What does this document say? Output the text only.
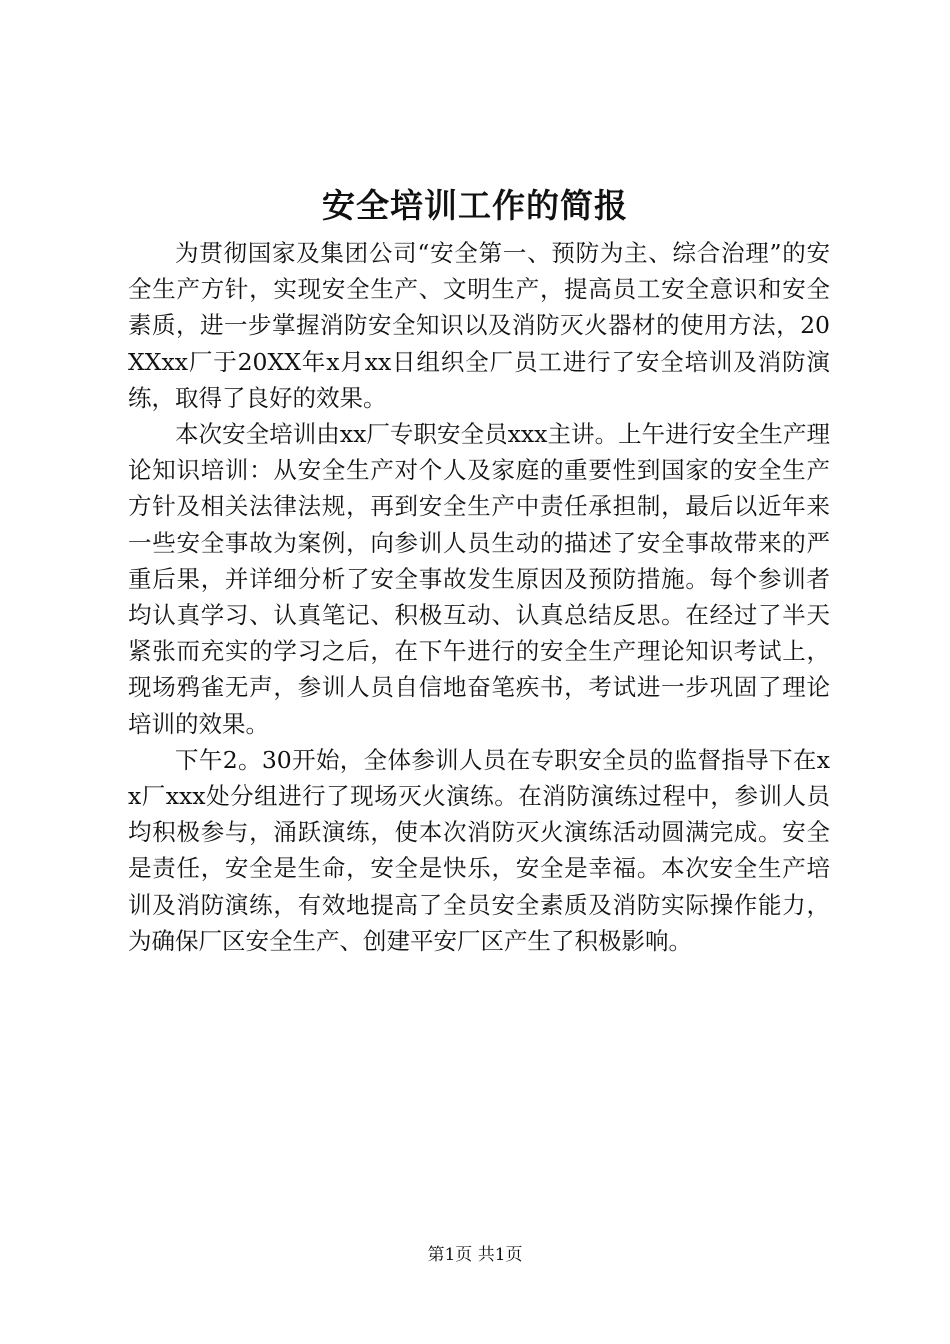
安全培训工作的简报

为贯彻国家及集团公司“安全第一、预防为主、综合治理”的安全生产方针，实现安全生产、文明生产，提高员工安全意识和安全素质，进一步掌握消防安全知识以及消防灭火器材的使用方法，20XXxx厂于20XX年x月xx日组织全厂员工进行了安全培训及消防演练，取得了良好的效果。

本次安全培训由xx厂专职安全员xxx主讲。上午进行安全生产理论知识培训：从安全生产对个人及家庭的重要性到国家的安全生产方针及相关法律法规，再到安全生产中责任承担制，最后以近年来一些安全事故为案例，向参训人员生动的描述了安全事故带来的严重后果，并详细分析了安全事故发生原因及预防措施。每个参训者均认真学习、认真笔记、积极互动、认真总结反思。在经过了半天紧张而充实的学习之后，在下午进行的安全生产理论知识考试上，现场鸦雀无声，参训人员自信地奋笔疾书，考试进一步巩固了理论培训的效果。

下午2。30开始，全体参训人员在专职安全员的监督指导下在xx厂xxx处分组进行了现场灭火演练。在消防演练过程中，参训人员均积极参与，涌跃演练，使本次消防灭火演练活动圆满完成。安全是责任，安全是生命，安全是快乐，安全是幸福。本次安全生产培训及消防演练，有效地提高了全员安全素质及消防实际操作能力，为确保厂区安全生产、创建平安厂区产生了积极影响。

第1页 共1页
